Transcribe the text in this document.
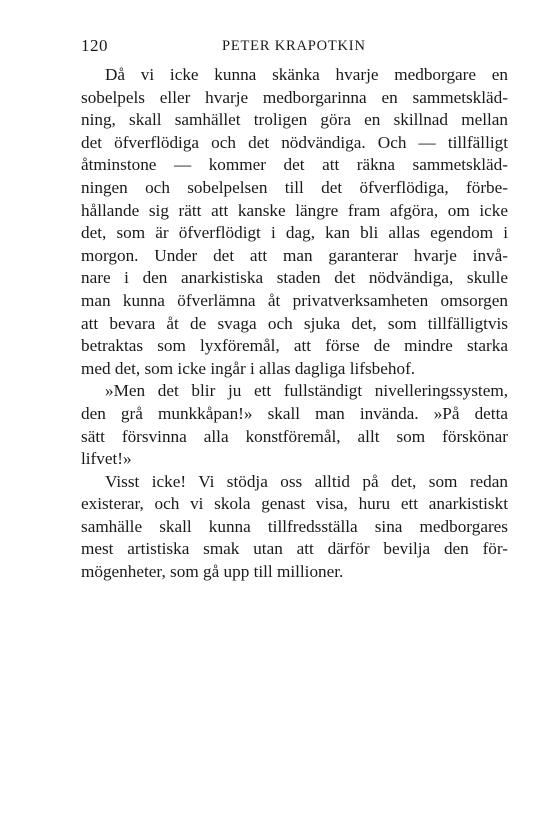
120	PETER KRAPOTKIN
Då vi icke kunna skänka hvarje medborgare en
sobelpels eller hvarje medborgarinna en sammetskläd-
ning, skall samhället troligen göra en skillnad mellan
det öfverflödiga och det nödvändiga. Och — tillfälligt
åtminstone — kommer det att räkna sammetskläd-
ningen och sobelpelsen till det öfverflödiga, förbe-
hållande sig rätt att kanske längre fram afgöra, om icke
det, som är öfverflödigt i dag, kan bli allas egendom i
morgon. Under det att man garanterar hvarje invå-
nare i den anarkistiska staden det nödvändiga, skulle
man kunna öfverlämna åt privatverksamheten omsorgen
att bevara åt de svaga och sjuka det, som tillfälligtvis
betraktas som lyxföremål, att förse de mindre starka
med det, som icke ingår i allas dagliga lifsbehof.
»Men det blir ju ett fullständigt nivelleringssystem,
den grå munkkåpan!» skall man invända. »På detta
sätt försvinna alla konstföremål, allt som förskönar
lifvet!»
Visst icke! Vi stödja oss alltid på det, som redan
existerar, och vi skola genast visa, huru ett anarkistiskt
samhälle skall kunna tillfredsställa sina medborgares
mest artistiska smak utan att därför bevilja den för-
mögenheter, som gå upp till millioner.
